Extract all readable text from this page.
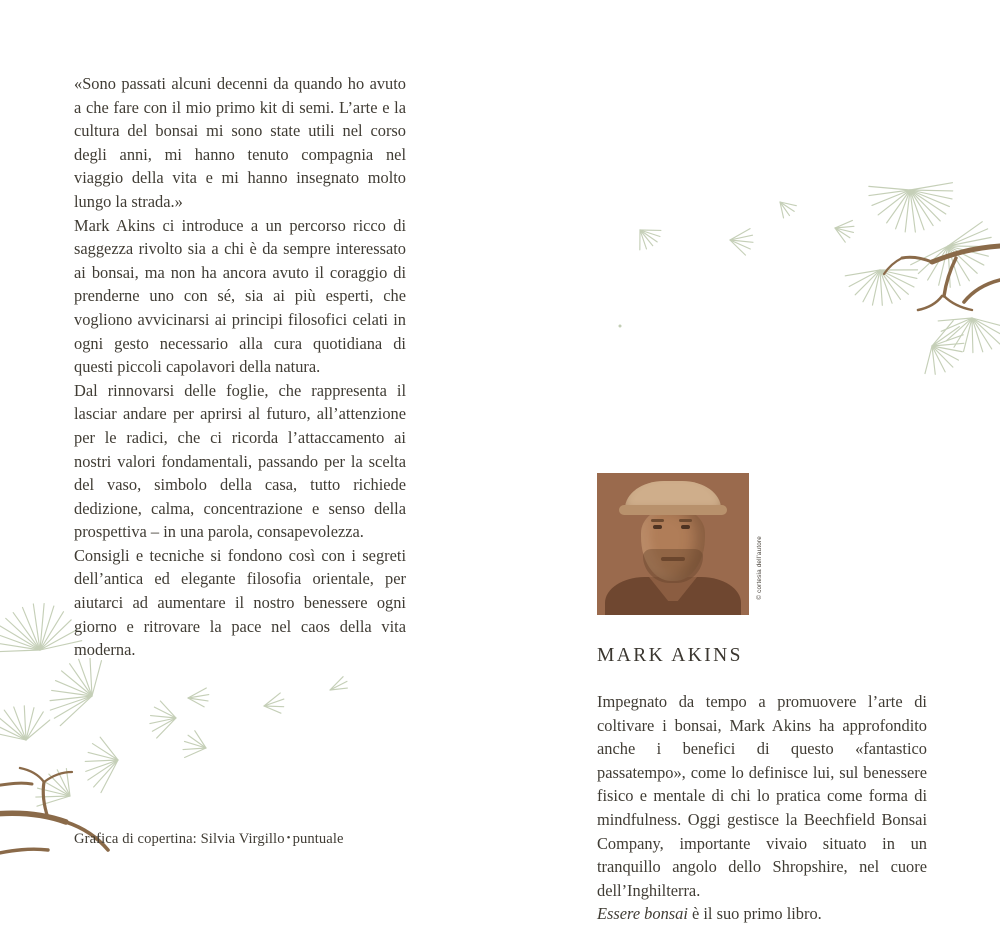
«Sono passati alcuni decenni da quando ho avuto a che fare con il mio primo kit di semi. L’arte e la cultura del bonsai mi sono state utili nel corso degli anni, mi hanno tenuto compagnia nel viaggio della vita e mi hanno insegnato molto lungo la strada.»

Mark Akins ci introduce a un percorso ricco di saggezza rivolto sia a chi è da sempre interessato ai bonsai, ma non ha ancora avuto il coraggio di prenderne uno con sé, sia ai più esperti, che vogliono avvicinarsi ai principi filosofici celati in ogni gesto necessario alla cura quotidiana di questi piccoli capolavori della natura.

Dal rinnovarsi delle foglie, che rappresenta il lasciar andare per aprirsi al futuro, all’attenzione per le radici, che ci ricorda l’attaccamento ai nostri valori fondamentali, passando per la scelta del vaso, simbolo della casa, tutto richiede dedizione, calma, concentrazione e senso della prospettiva – in una parola, consapevolezza.

Consigli e tecniche si fondono così con i segreti dell’antica ed elegante filosofia orientale, per aiutarci ad aumentare il nostro benessere ogni giorno e ritrovare la pace nel caos della vita moderna.

Grafica di copertina: Silvia Virgillo • puntuale
© cortesia dell’autore
MARK AKINS

Impegnato da tempo a promuovere l’arte di coltivare i bonsai, Mark Akins ha approfondito anche i benefici di questo «fantastico passatempo», come lo definisce lui, sul benessere fisico e mentale di chi lo pratica come forma di mindfulness. Oggi gestisce la Beechfield Bonsai Company, importante vivaio situato in un tranquillo angolo dello Shropshire, nel cuore dell’Inghilterra.

Essere bonsai è il suo primo libro.
